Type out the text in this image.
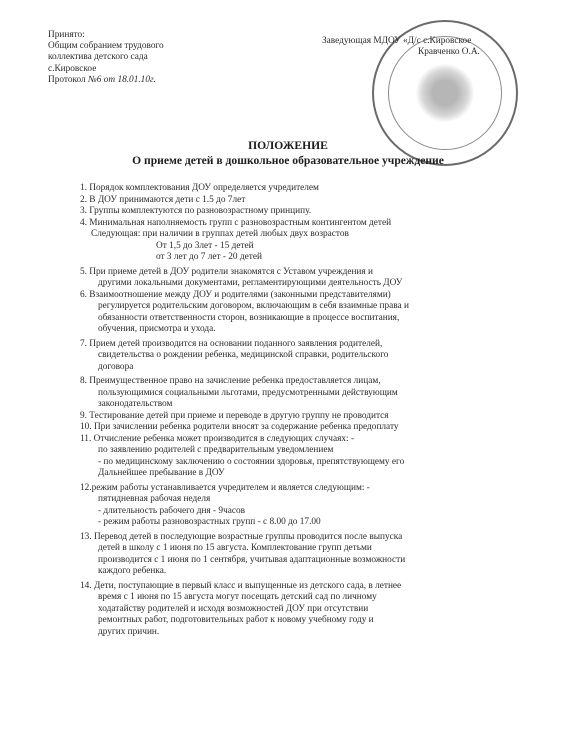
Принято:
Общим собранием трудового
коллектива детского сада
с.Кировское
Протокол №6 от 18.01.10г.
Заведующая МДОУ «Д/с с.Кировское
Кравченко О.А.
ПОЛОЖЕНИЕ
О приеме детей в дошкольное образовательное учреждение
1. Порядок комплектования ДОУ определяется учредителем
2. В ДОУ принимаются дети с 1.5 до 7лет
3. Группы комплектуются по разновозрастному принципу.
4. Минимальная наполняемость групп с разновозрастным контингентом детей
Следующая: при наличии в группах детей любых двух возрастов
От 1,5 до 3лет - 15 детей
от 3 лет до 7 лет - 20 детей
5. При приеме детей в ДОУ родители знакомятся с Уставом учреждения и
другими локальными документами, регламентирующими деятельность ДОУ
6. Взаимоотношение между ДОУ и родителями (законными представителями)
регулируется родительским договором, включающим в себя взаимные права и
обязанности ответственности сторон, возникающие в процессе воспитания,
обучения, присмотра и ухода.
7. Прием детей производится на основании поданного заявления родителей,
свидетельства о рождении ребенка, медицинской справки, родительского
договора
8. Преимущественное право на зачисление ребенка предоставляется лицам,
пользующимися социальными льготами, предусмотренными действующим
законодательством
9. Тестирование детей при приеме и переводе в другую группу не проводится
10. При зачислении ребенка родители вносят за содержание ребенка предоплату
11. Отчисление ребенка может производится в следующих случаях: -
по заявлению родителей с предварительным уведомлением
- по медицинскому заключению о состоянии здоровья, препятствующему его
Дальнейшее пребывание в ДОУ
12.режим работы устанавливается учредителем и является следующим: -
пятидневная рабочая неделя
- длительность рабочего дня - 9часов
- режим работы разновозрастных групп - с 8.00 до 17.00
13. Перевод детей в последующие возрастные группы проводится после выпуска
детей в школу с 1 июня по 15 августа. Комплектование групп детьми
производится с 1 июня по 1 сентября, учитывая адаптационные возможности
каждого ребенка.
14. Дети, поступающие в первый класс и выпущенные из детского сада, в летнее
время с 1 июня по 15 августа могут посещать детский сад по личному
ходатайству родителей и исходя возможностей ДОУ при отсутствии
ремонтных работ, подготовительных работ к новому учебному году и
других причин.
